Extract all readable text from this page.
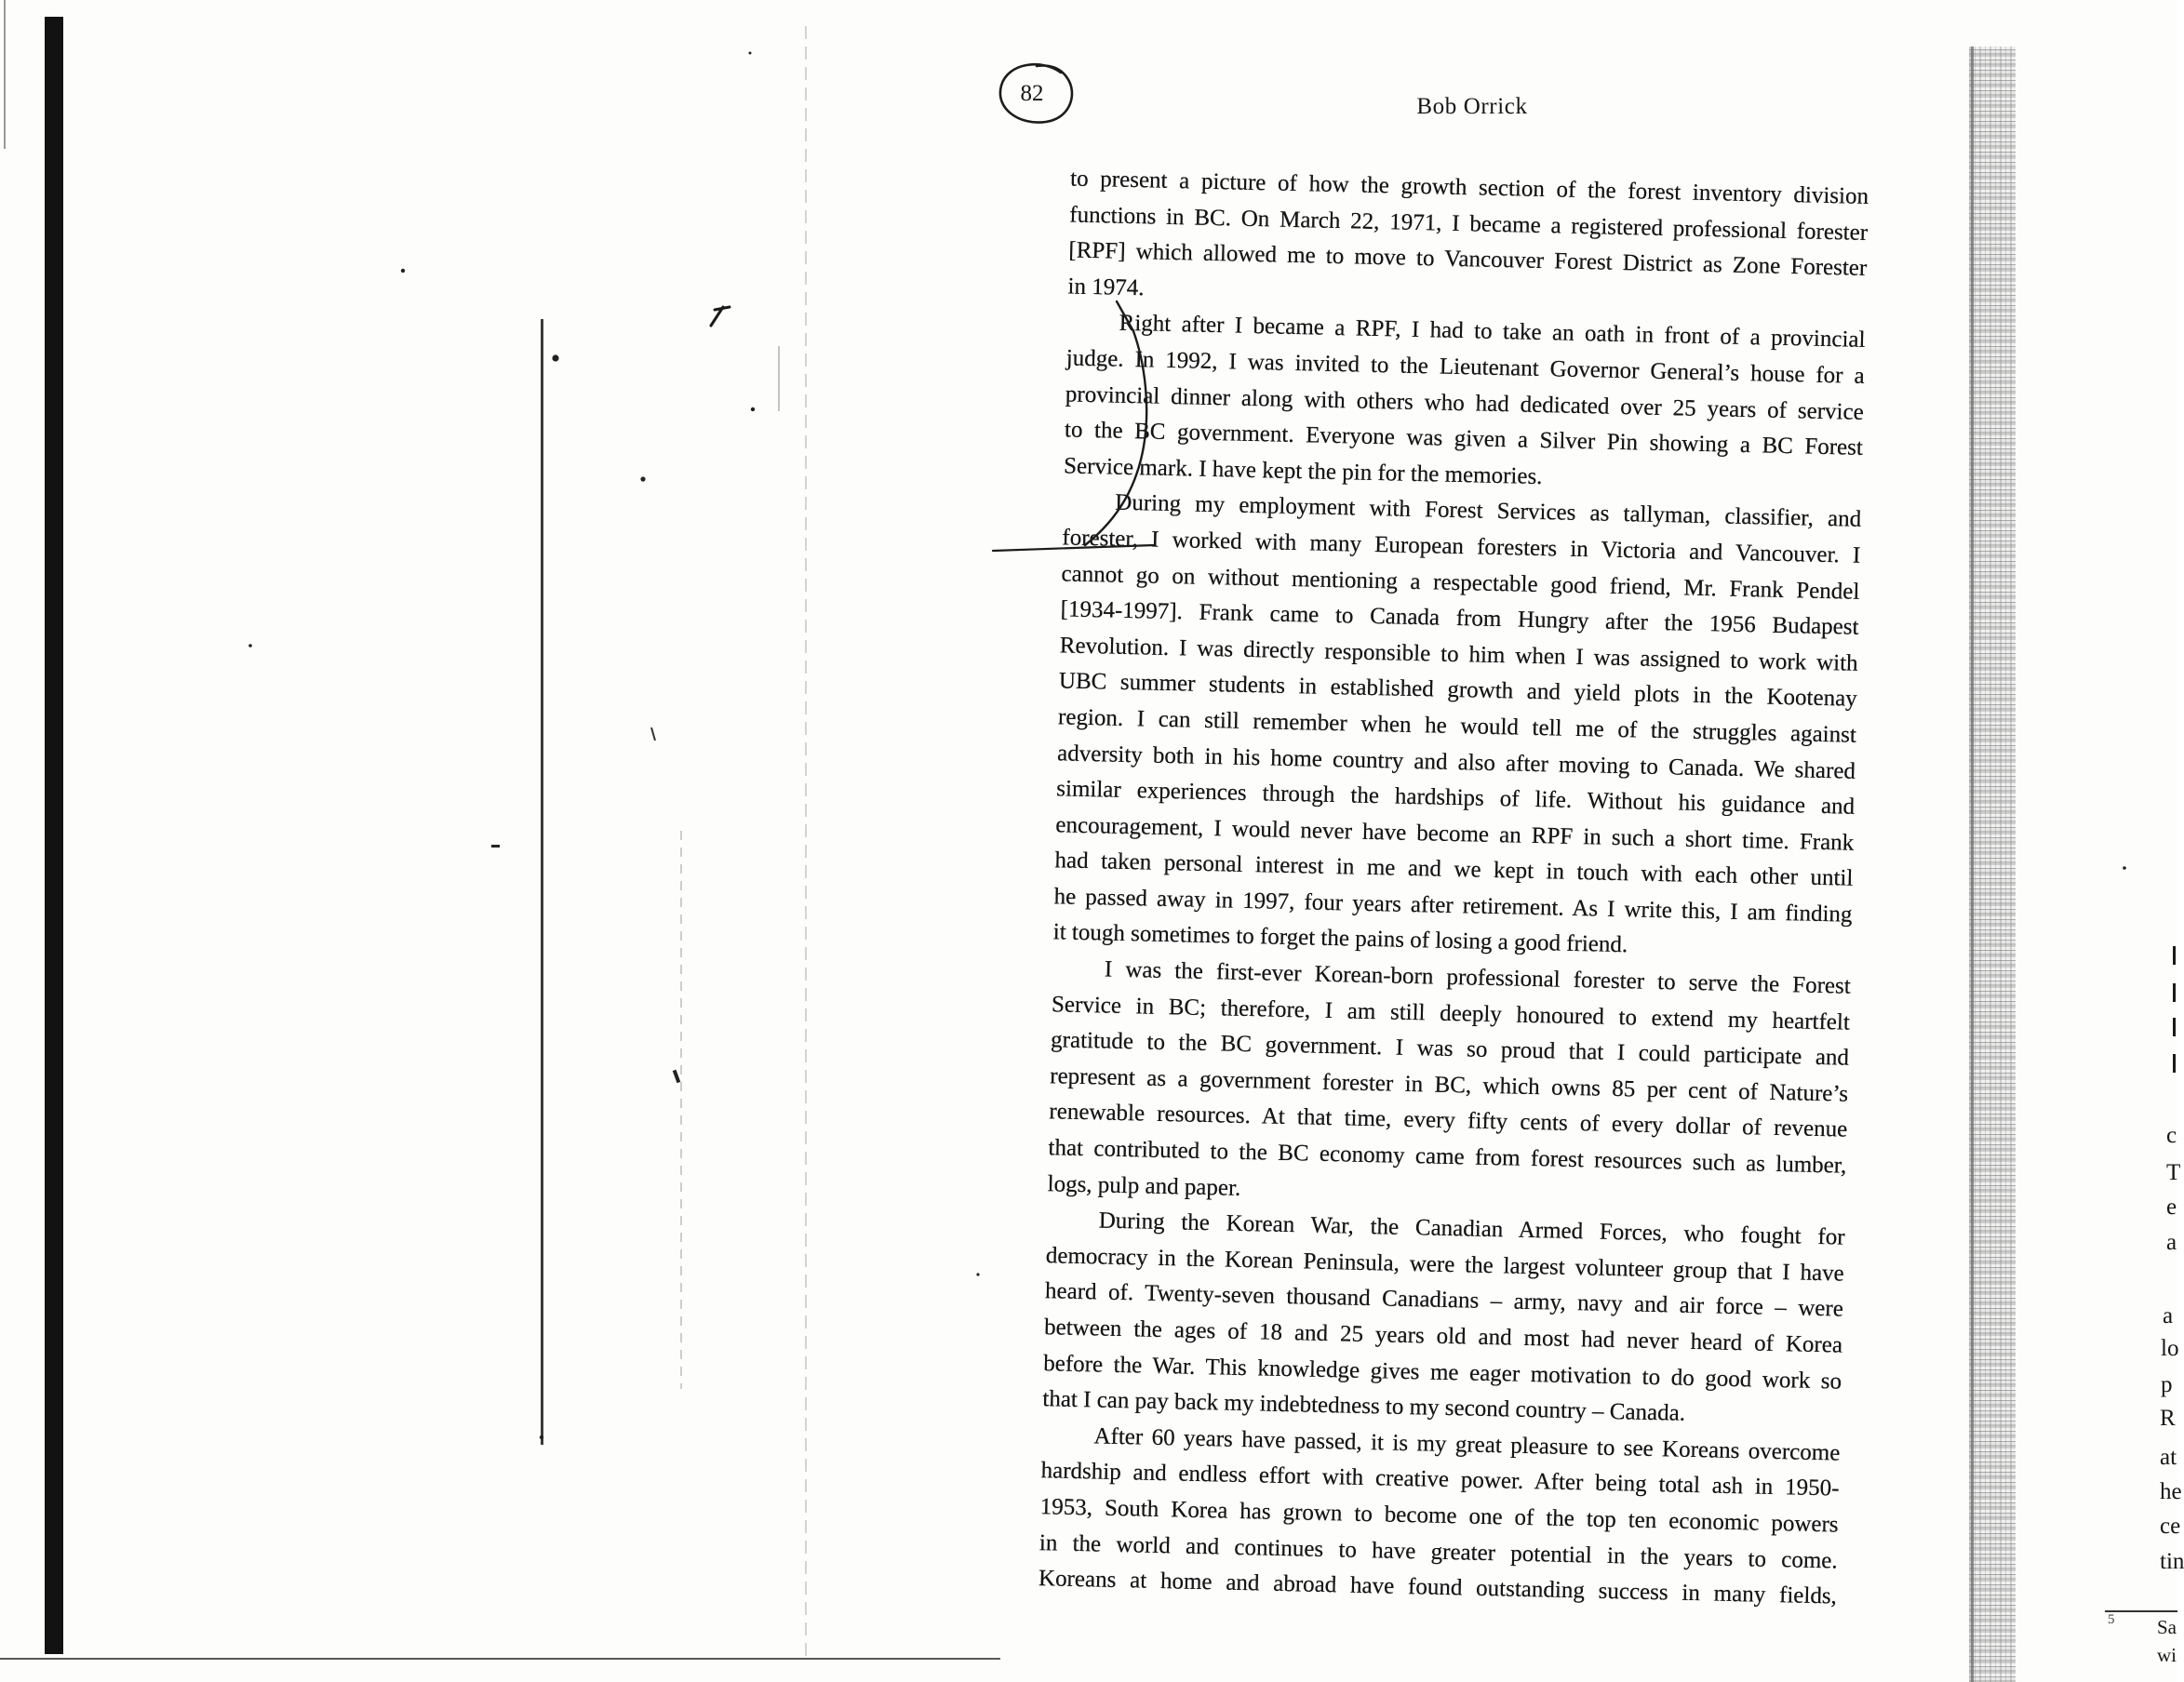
82
Bob Orrick
to present a picture of how the growth section of the forest inventory division
functions in BC. On March 22, 1971, I became a registered professional forester
[RPF] which allowed me to move to Vancouver Forest District as Zone Forester
in 1974.
Right after I became a RPF, I had to take an oath in front of a provincial
judge. In 1992, I was invited to the Lieutenant Governor General’s house for a
provincial dinner along with others who had dedicated over 25 years of service
to the BC government. Everyone was given a Silver Pin showing a BC Forest
Service mark. I have kept the pin for the memories.
During my employment with Forest Services as tallyman, classifier, and
forester, I worked with many European foresters in Victoria and Vancouver. I
cannot go on without mentioning a respectable good friend, Mr. Frank Pendel
[1934-1997]. Frank came to Canada from Hungry after the 1956 Budapest
Revolution. I was directly responsible to him when I was assigned to work with
UBC summer students in established growth and yield plots in the Kootenay
region. I can still remember when he would tell me of the struggles against
adversity both in his home country and also after moving to Canada. We shared
similar experiences through the hardships of life. Without his guidance and
encouragement, I would never have become an RPF in such a short time. Frank
had taken personal interest in me and we kept in touch with each other until
he passed away in 1997, four years after retirement. As I write this, I am finding
it tough sometimes to forget the pains of losing a good friend.
I was the first-ever Korean-born professional forester to serve the Forest
Service in BC; therefore, I am still deeply honoured to extend my heartfelt
gratitude to the BC government. I was so proud that I could participate and
represent as a government forester in BC, which owns 85 per cent of Nature’s
renewable resources. At that time, every fifty cents of every dollar of revenue
that contributed to the BC economy came from forest resources such as lumber,
logs, pulp and paper.
During the Korean War, the Canadian Armed Forces, who fought for
democracy in the Korean Peninsula, were the largest volunteer group that I have
heard of. Twenty-seven thousand Canadians – army, navy and air force – were
between the ages of 18 and 25 years old and most had never heard of Korea
before the War. This knowledge gives me eager motivation to do good work so
that I can pay back my indebtedness to my second country – Canada.
After 60 years have passed, it is my great pleasure to see Koreans overcome
hardship and endless effort with creative power. After being total ash in 1950-
1953, South Korea has grown to become one of the top ten economic powers
in the world and continues to have greater potential in the years to come.
Koreans at home and abroad have found outstanding success in many fields,
c
T
e
a
a
lo
p
R
at
he
ce
tin
Sa
wi
5
